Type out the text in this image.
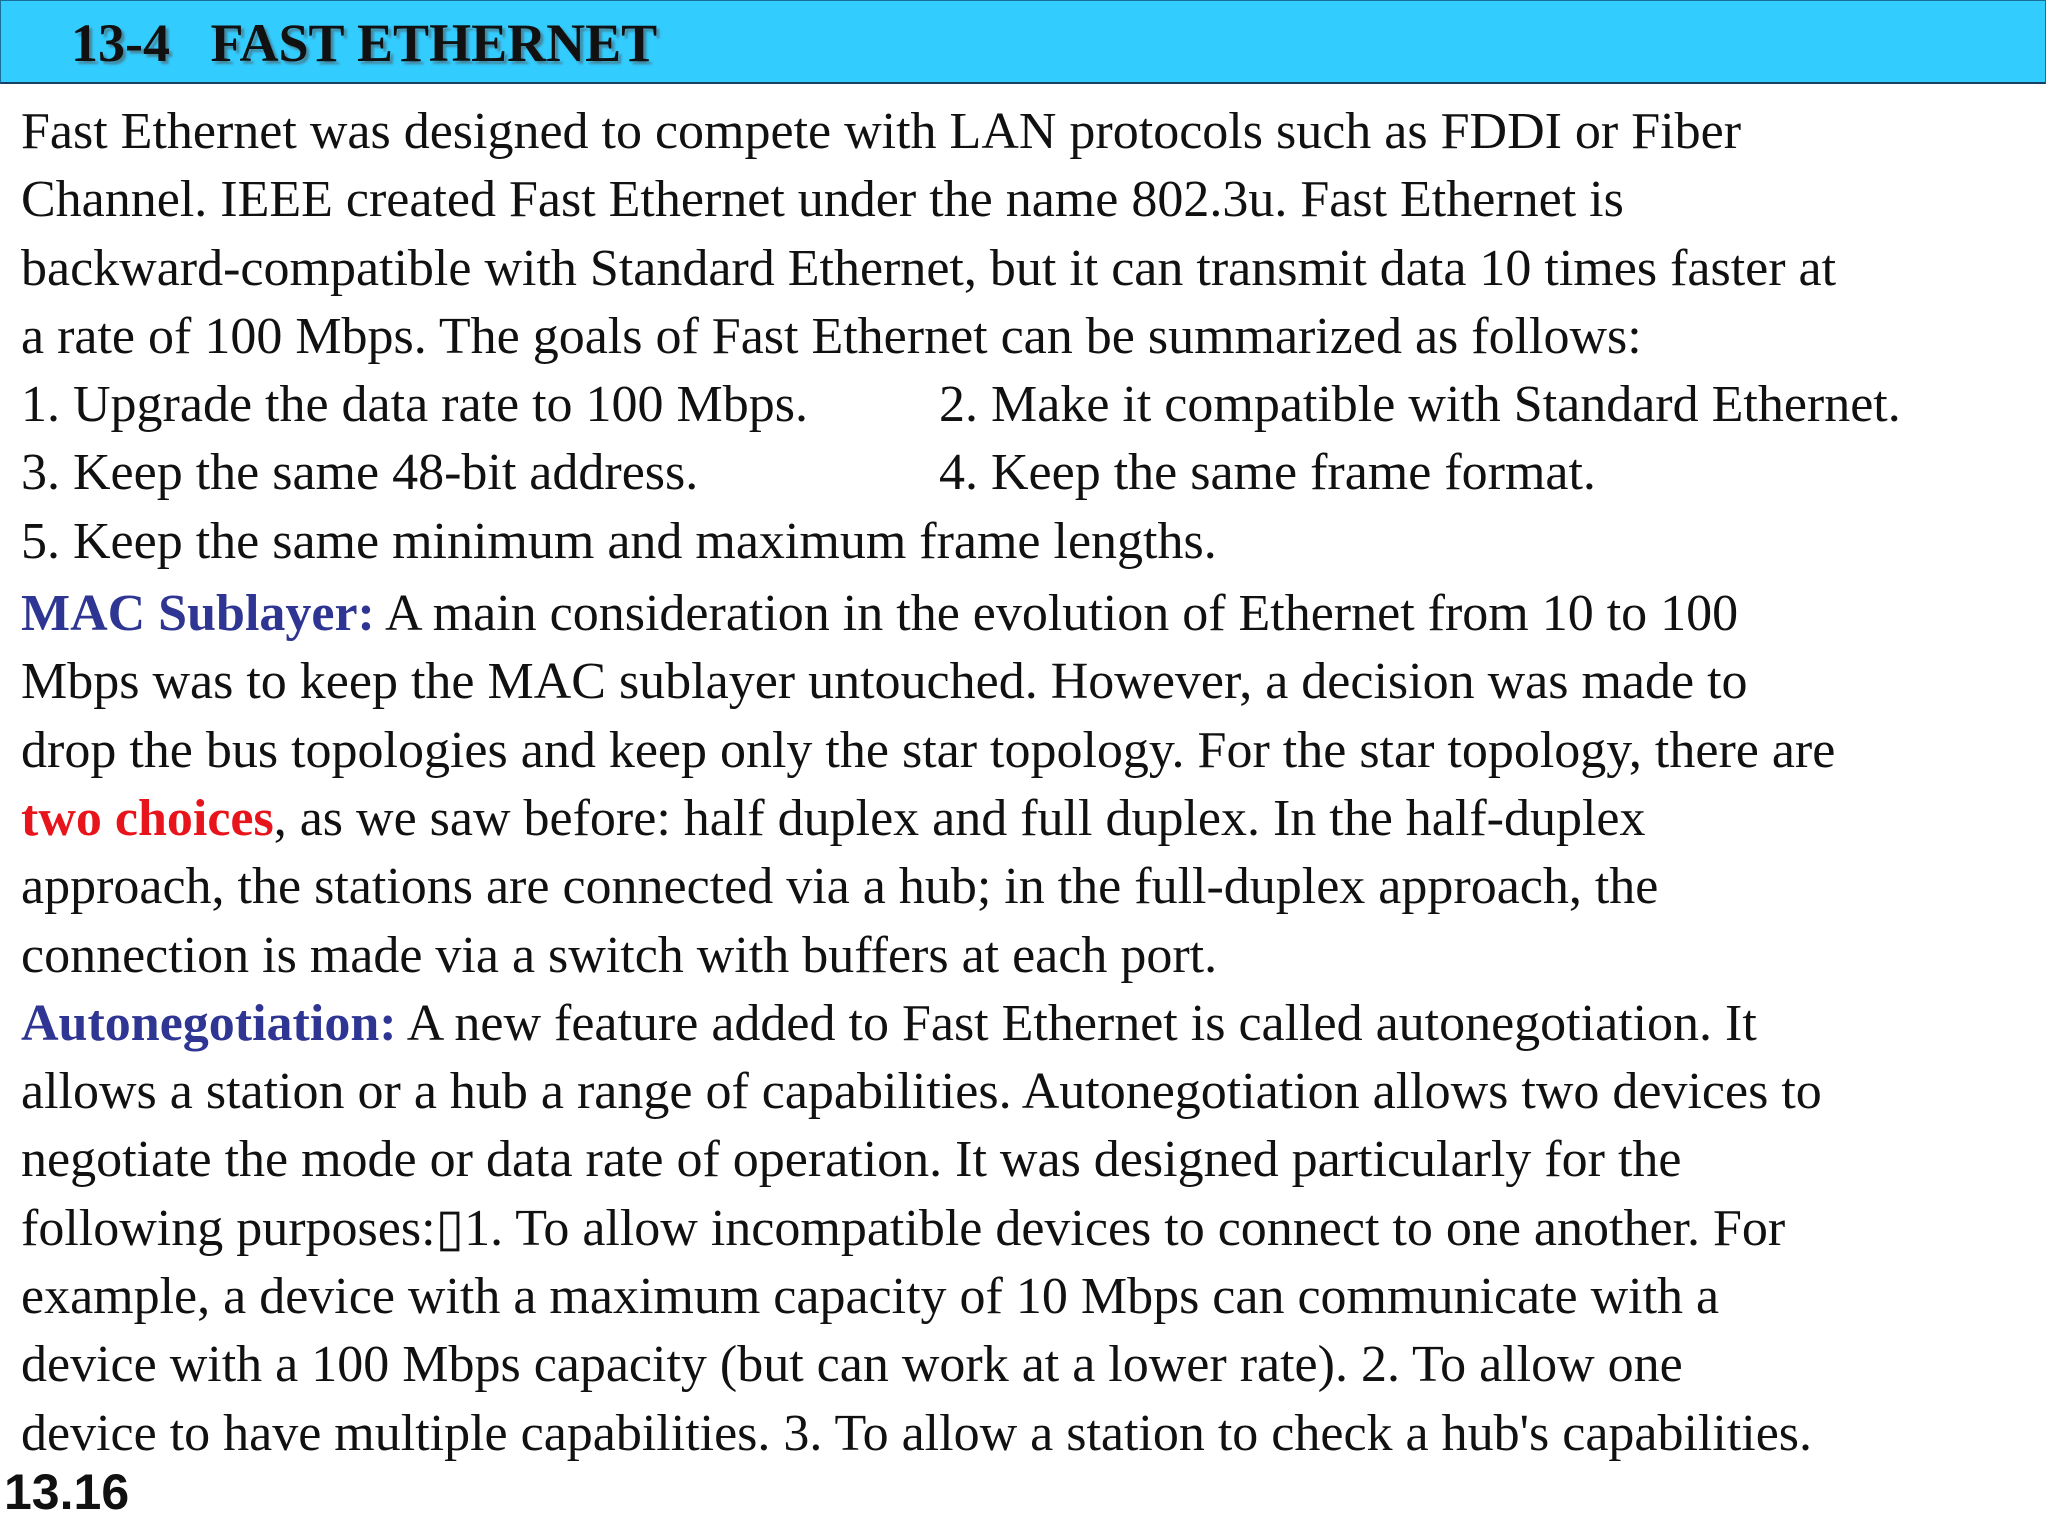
13-4   FAST ETHERNET
Fast Ethernet was designed to compete with LAN protocols such as FDDI or Fiber
Channel. IEEE created Fast Ethernet under the name 802.3u. Fast Ethernet is
backward-compatible with Standard Ethernet, but it can transmit data 10 times faster at
a rate of 100 Mbps. The goals of Fast Ethernet can be summarized as follows:
1. Upgrade the data rate to 100 Mbps.	2. Make it compatible with Standard Ethernet.
3. Keep the same 48-bit address.	4. Keep the same frame format.
5. Keep the same minimum and maximum frame lengths.
MAC Sublayer: A main consideration in the evolution of Ethernet from 10 to 100
Mbps was to keep the MAC sublayer untouched. However, a decision was made to
drop the bus topologies and keep only the star topology. For the star topology, there are
two choices, as we saw before: half duplex and full duplex. In the half-duplex
approach, the stations are connected via a hub; in the full-duplex approach, the
connection is made via a switch with buffers at each port.
Autonegotiation: A new feature added to Fast Ethernet is called autonegotiation. It
allows a station or a hub a range of capabilities. Autonegotiation allows two devices to
negotiate the mode or data rate of operation. It was designed particularly for the
following purposes:▯1. To allow incompatible devices to connect to one another. For
example, a device with a maximum capacity of 10 Mbps can communicate with a
device with a 100 Mbps capacity (but can work at a lower rate). 2. To allow one
device to have multiple capabilities. 3. To allow a station to check a hub's capabilities.
13.16
